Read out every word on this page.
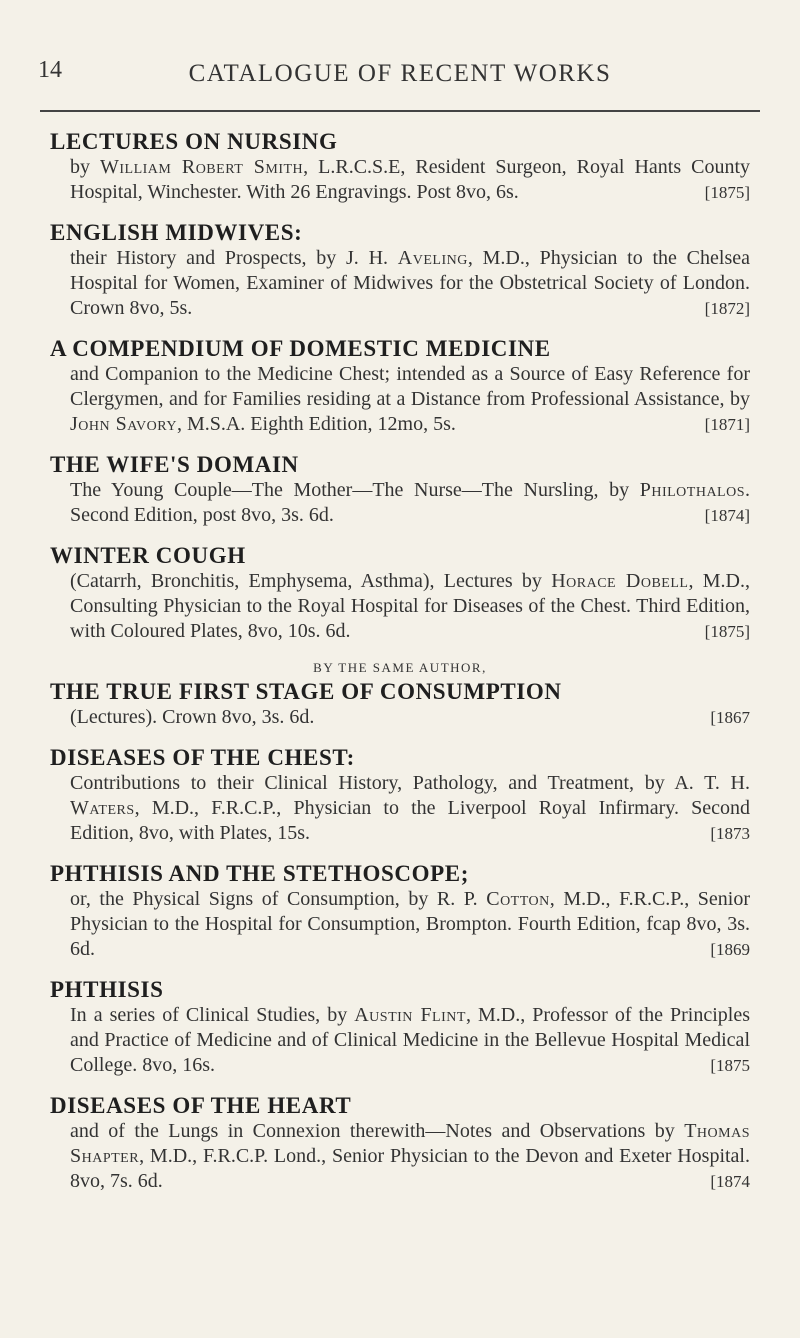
14	CATALOGUE OF RECENT WORKS
LECTURES ON NURSING
by William Robert Smith, L.R.C.S.E, Resident Surgeon, Royal Hants County Hospital, Winchester. With 26 Engravings. Post 8vo, 6s.	[1875]
ENGLISH MIDWIVES:
their History and Prospects, by J. H. Aveling, M.D., Physician to the Chelsea Hospital for Women, Examiner of Midwives for the Obstetrical Society of London. Crown 8vo, 5s.	[1872]
A COMPENDIUM OF DOMESTIC MEDICINE
and Companion to the Medicine Chest; intended as a Source of Easy Reference for Clergymen, and for Families residing at a Distance from Professional Assistance, by John Savory, M.S.A. Eighth Edition, 12mo, 5s.	[1871]
THE WIFE'S DOMAIN
The Young Couple—The Mother—The Nurse—The Nursling, by Philothalos. Second Edition, post 8vo, 3s. 6d.	[1874]
WINTER COUGH
(Catarrh, Bronchitis, Emphysema, Asthma), Lectures by Horace Dobell, M.D., Consulting Physician to the Royal Hospital for Diseases of the Chest. Third Edition, with Coloured Plates, 8vo, 10s. 6d.	[1875]
BY THE SAME AUTHOR,
THE TRUE FIRST STAGE OF CONSUMPTION
(Lectures). Crown 8vo, 3s. 6d.	[1867
DISEASES OF THE CHEST:
Contributions to their Clinical History, Pathology, and Treatment, by A. T. H. Waters, M.D., F.R.C.P., Physician to the Liverpool Royal Infirmary. Second Edition, 8vo, with Plates, 15s.	[1873
PHTHISIS AND THE STETHOSCOPE;
or, the Physical Signs of Consumption, by R. P. Cotton, M.D., F.R.C.P., Senior Physician to the Hospital for Consumption, Brompton. Fourth Edition, fcap 8vo, 3s. 6d.	[1869
PHTHISIS
In a series of Clinical Studies, by Austin Flint, M.D., Professor of the Principles and Practice of Medicine and of Clinical Medicine in the Bellevue Hospital Medical College. 8vo, 16s.	[1875
DISEASES OF THE HEART
and of the Lungs in Connexion therewith—Notes and Observations by Thomas Shapter, M.D., F.R.C.P. Lond., Senior Physician to the Devon and Exeter Hospital. 8vo, 7s. 6d.	[1874
